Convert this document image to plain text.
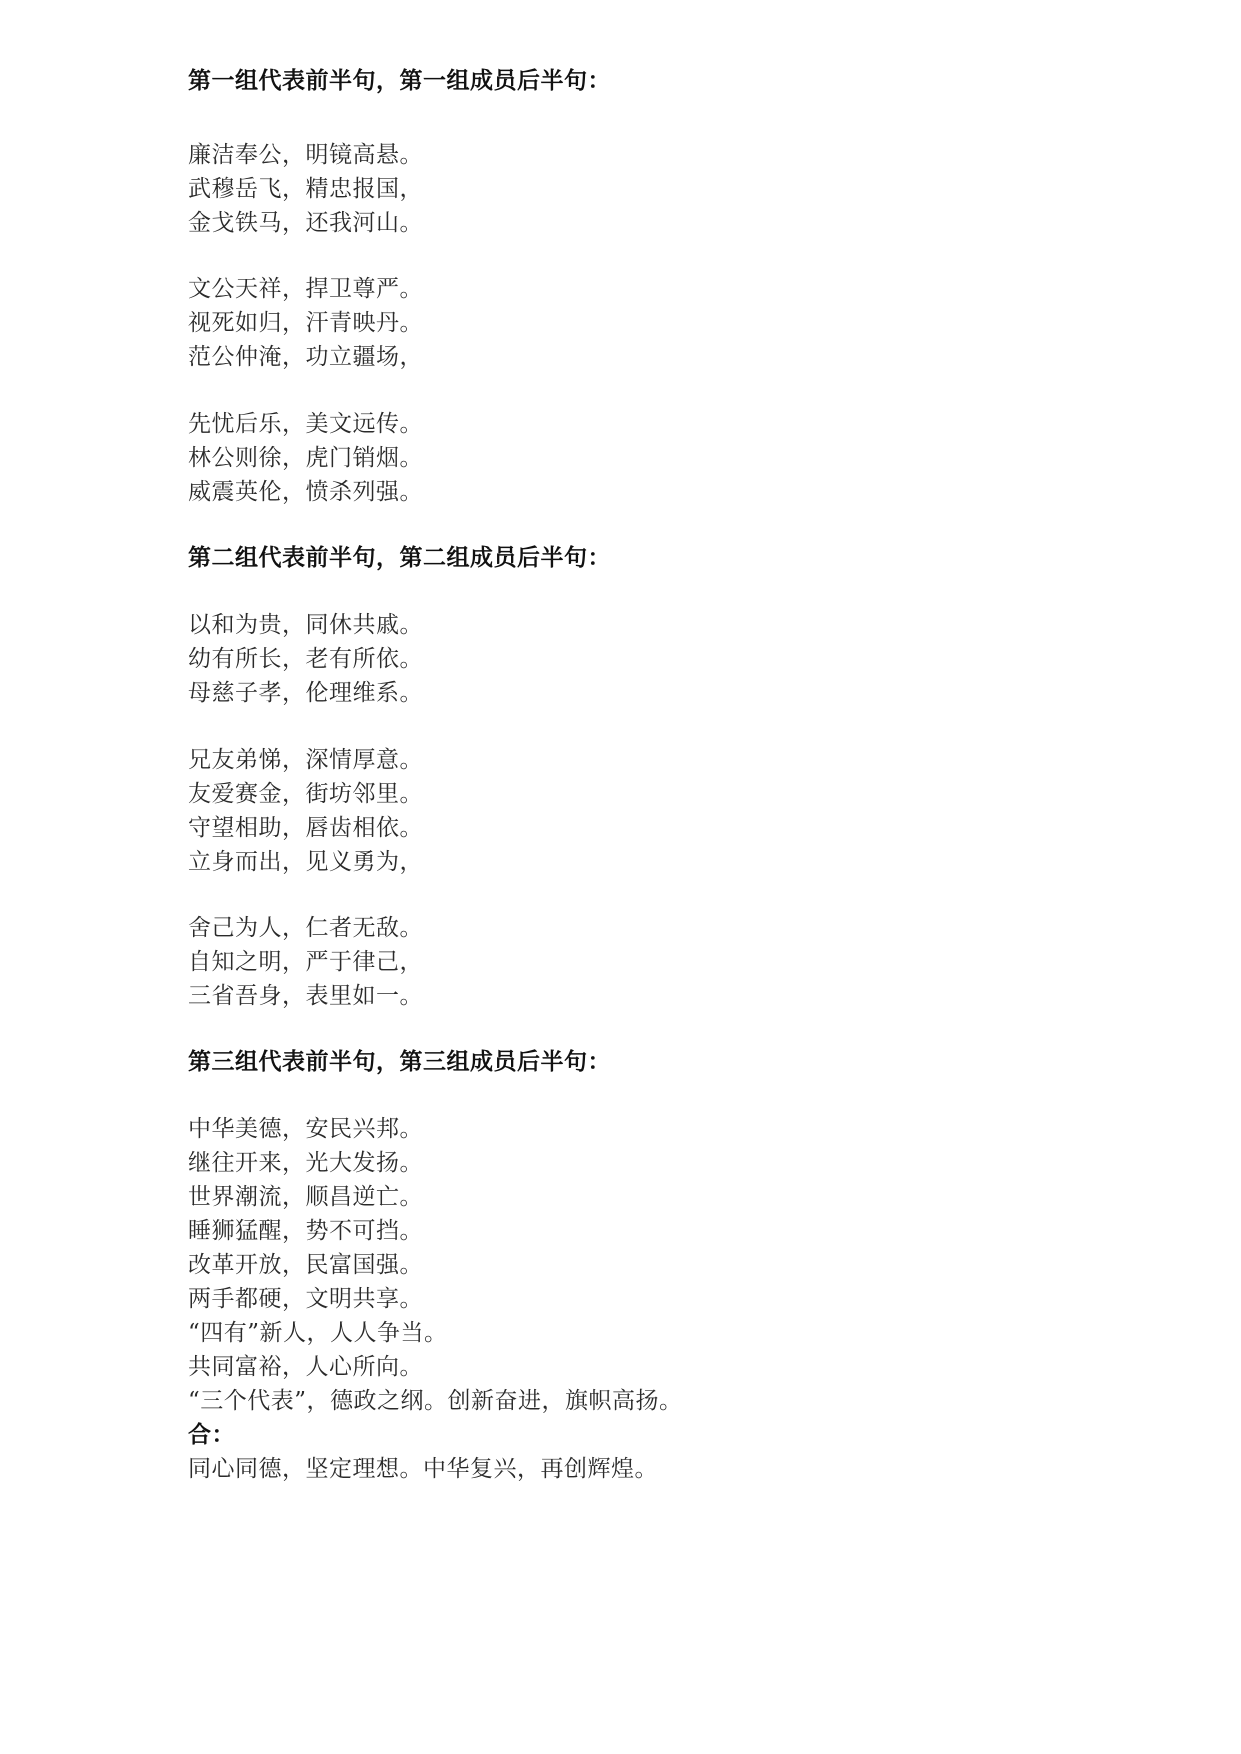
第一组代表前半句，第一组成员后半句：

廉洁奉公，明镜高悬。

武穆岳飞，精忠报国，

金戈铁马，还我河山。

文公天祥，捍卫尊严。

视死如归，汗青映丹。

范公仲淹，功立疆场，

先忧后乐，美文远传。

林公则徐，虎门销烟。

威震英伦，愤杀列强。

第二组代表前半句，第二组成员后半句：

以和为贵，同休共戚。

幼有所长，老有所依。

母慈子孝，伦理维系。

兄友弟悌，深情厚意。

友爱赛金，街坊邻里。

守望相助，唇齿相依。

立身而出，见义勇为，

舍己为人，仁者无敌。

自知之明，严于律己，

三省吾身，表里如一。

第三组代表前半句，第三组成员后半句：

中华美德，安民兴邦。

继往开来，光大发扬。

世界潮流，顺昌逆亡。

睡狮猛醒，势不可挡。

改革开放，民富国强。

两手都硬，文明共享。

“四有”新人，人人争当。

共同富裕，人心所向。

“三个代表”，德政之纲。创新奋进，旗帜高扬。

合：

同心同德，坚定理想。中华复兴，再创辉煌。
